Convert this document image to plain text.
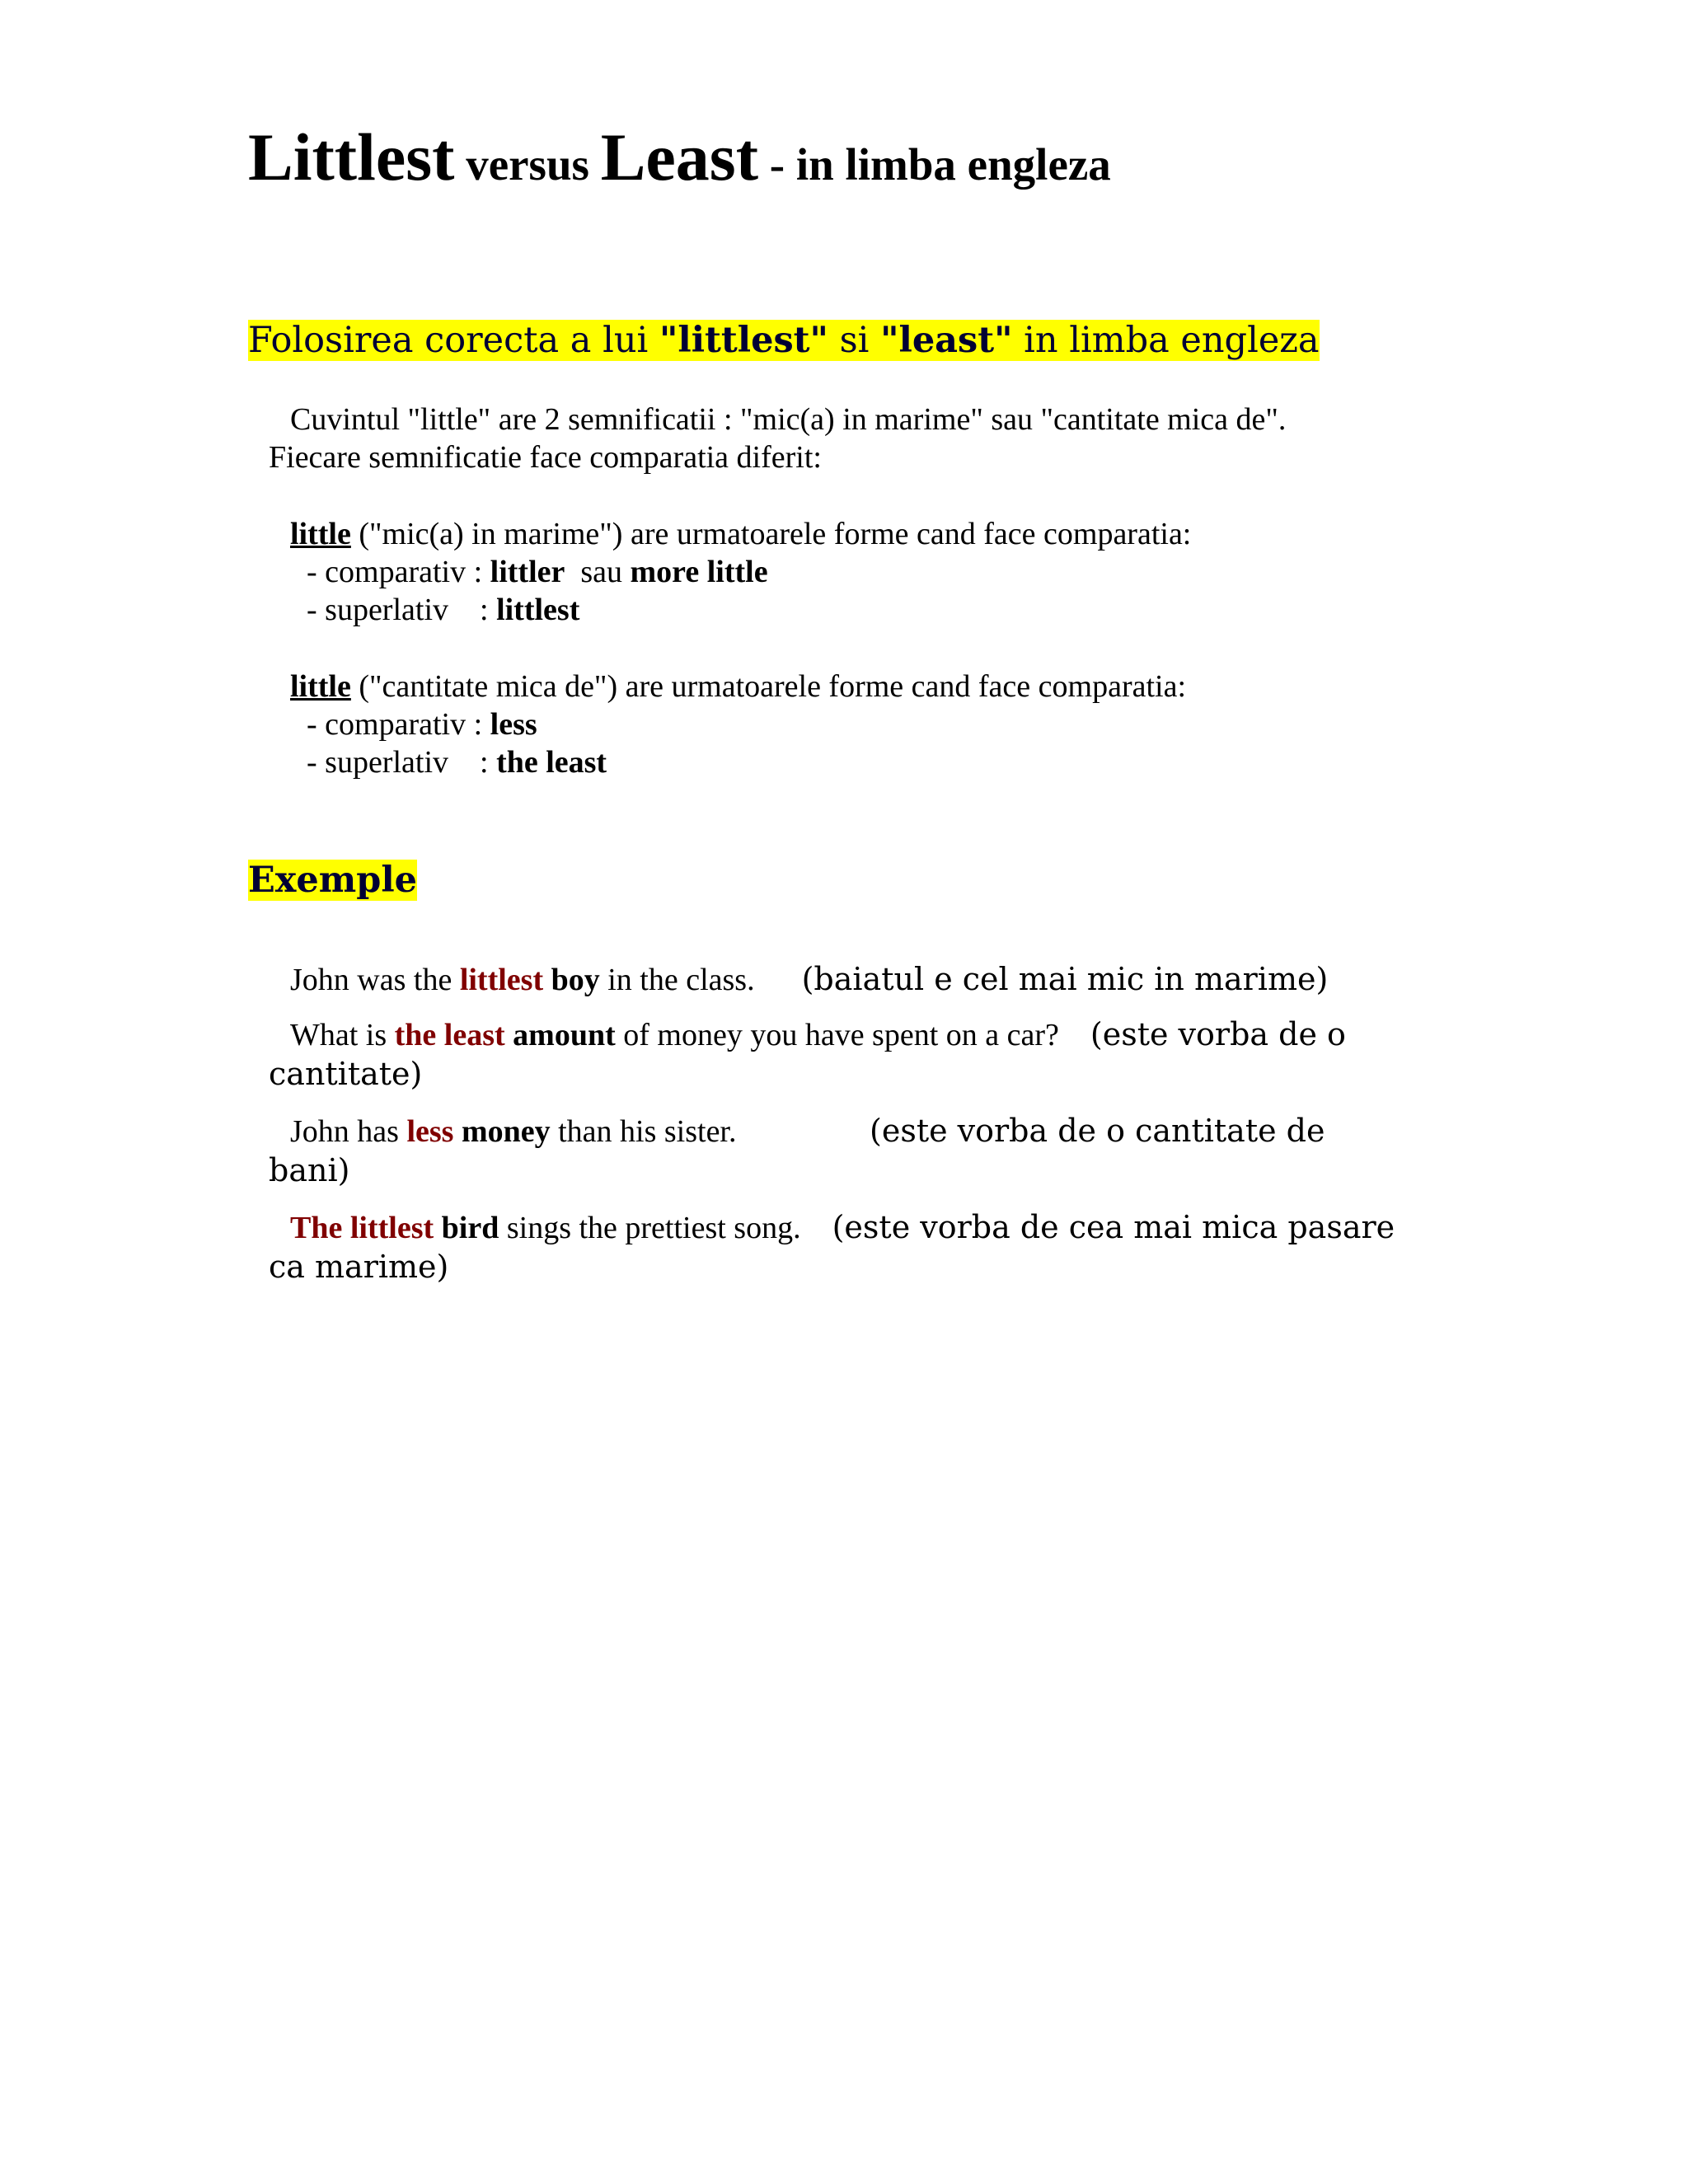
Littlest versus Least - in limba engleza
Folosirea corecta a lui "littlest" si "least" in limba engleza

Cuvintul "little" are 2 semnificatii : "mic(a) in marime" sau "cantitate mica de".

Fiecare semnificatie face comparatia diferit:

little ("mic(a) in marime") are urmatoarele forme cand face comparatia:

- comparativ : littler  sau more little

- superlativ    : littlest

little ("cantitate mica de") are urmatoarele forme cand face comparatia:

- comparativ : less

- superlativ    : the least

Exemple

John was the littlest boy in the class.      (baiatul e cel mai mic in marime)

What is the least amount of money you have spent on a car?    (este vorba de o

cantitate)

John has less money than his sister.                 (este vorba de o cantitate de

bani)

The littlest bird sings the prettiest song.    (este vorba de cea mai mica pasare

ca marime)
